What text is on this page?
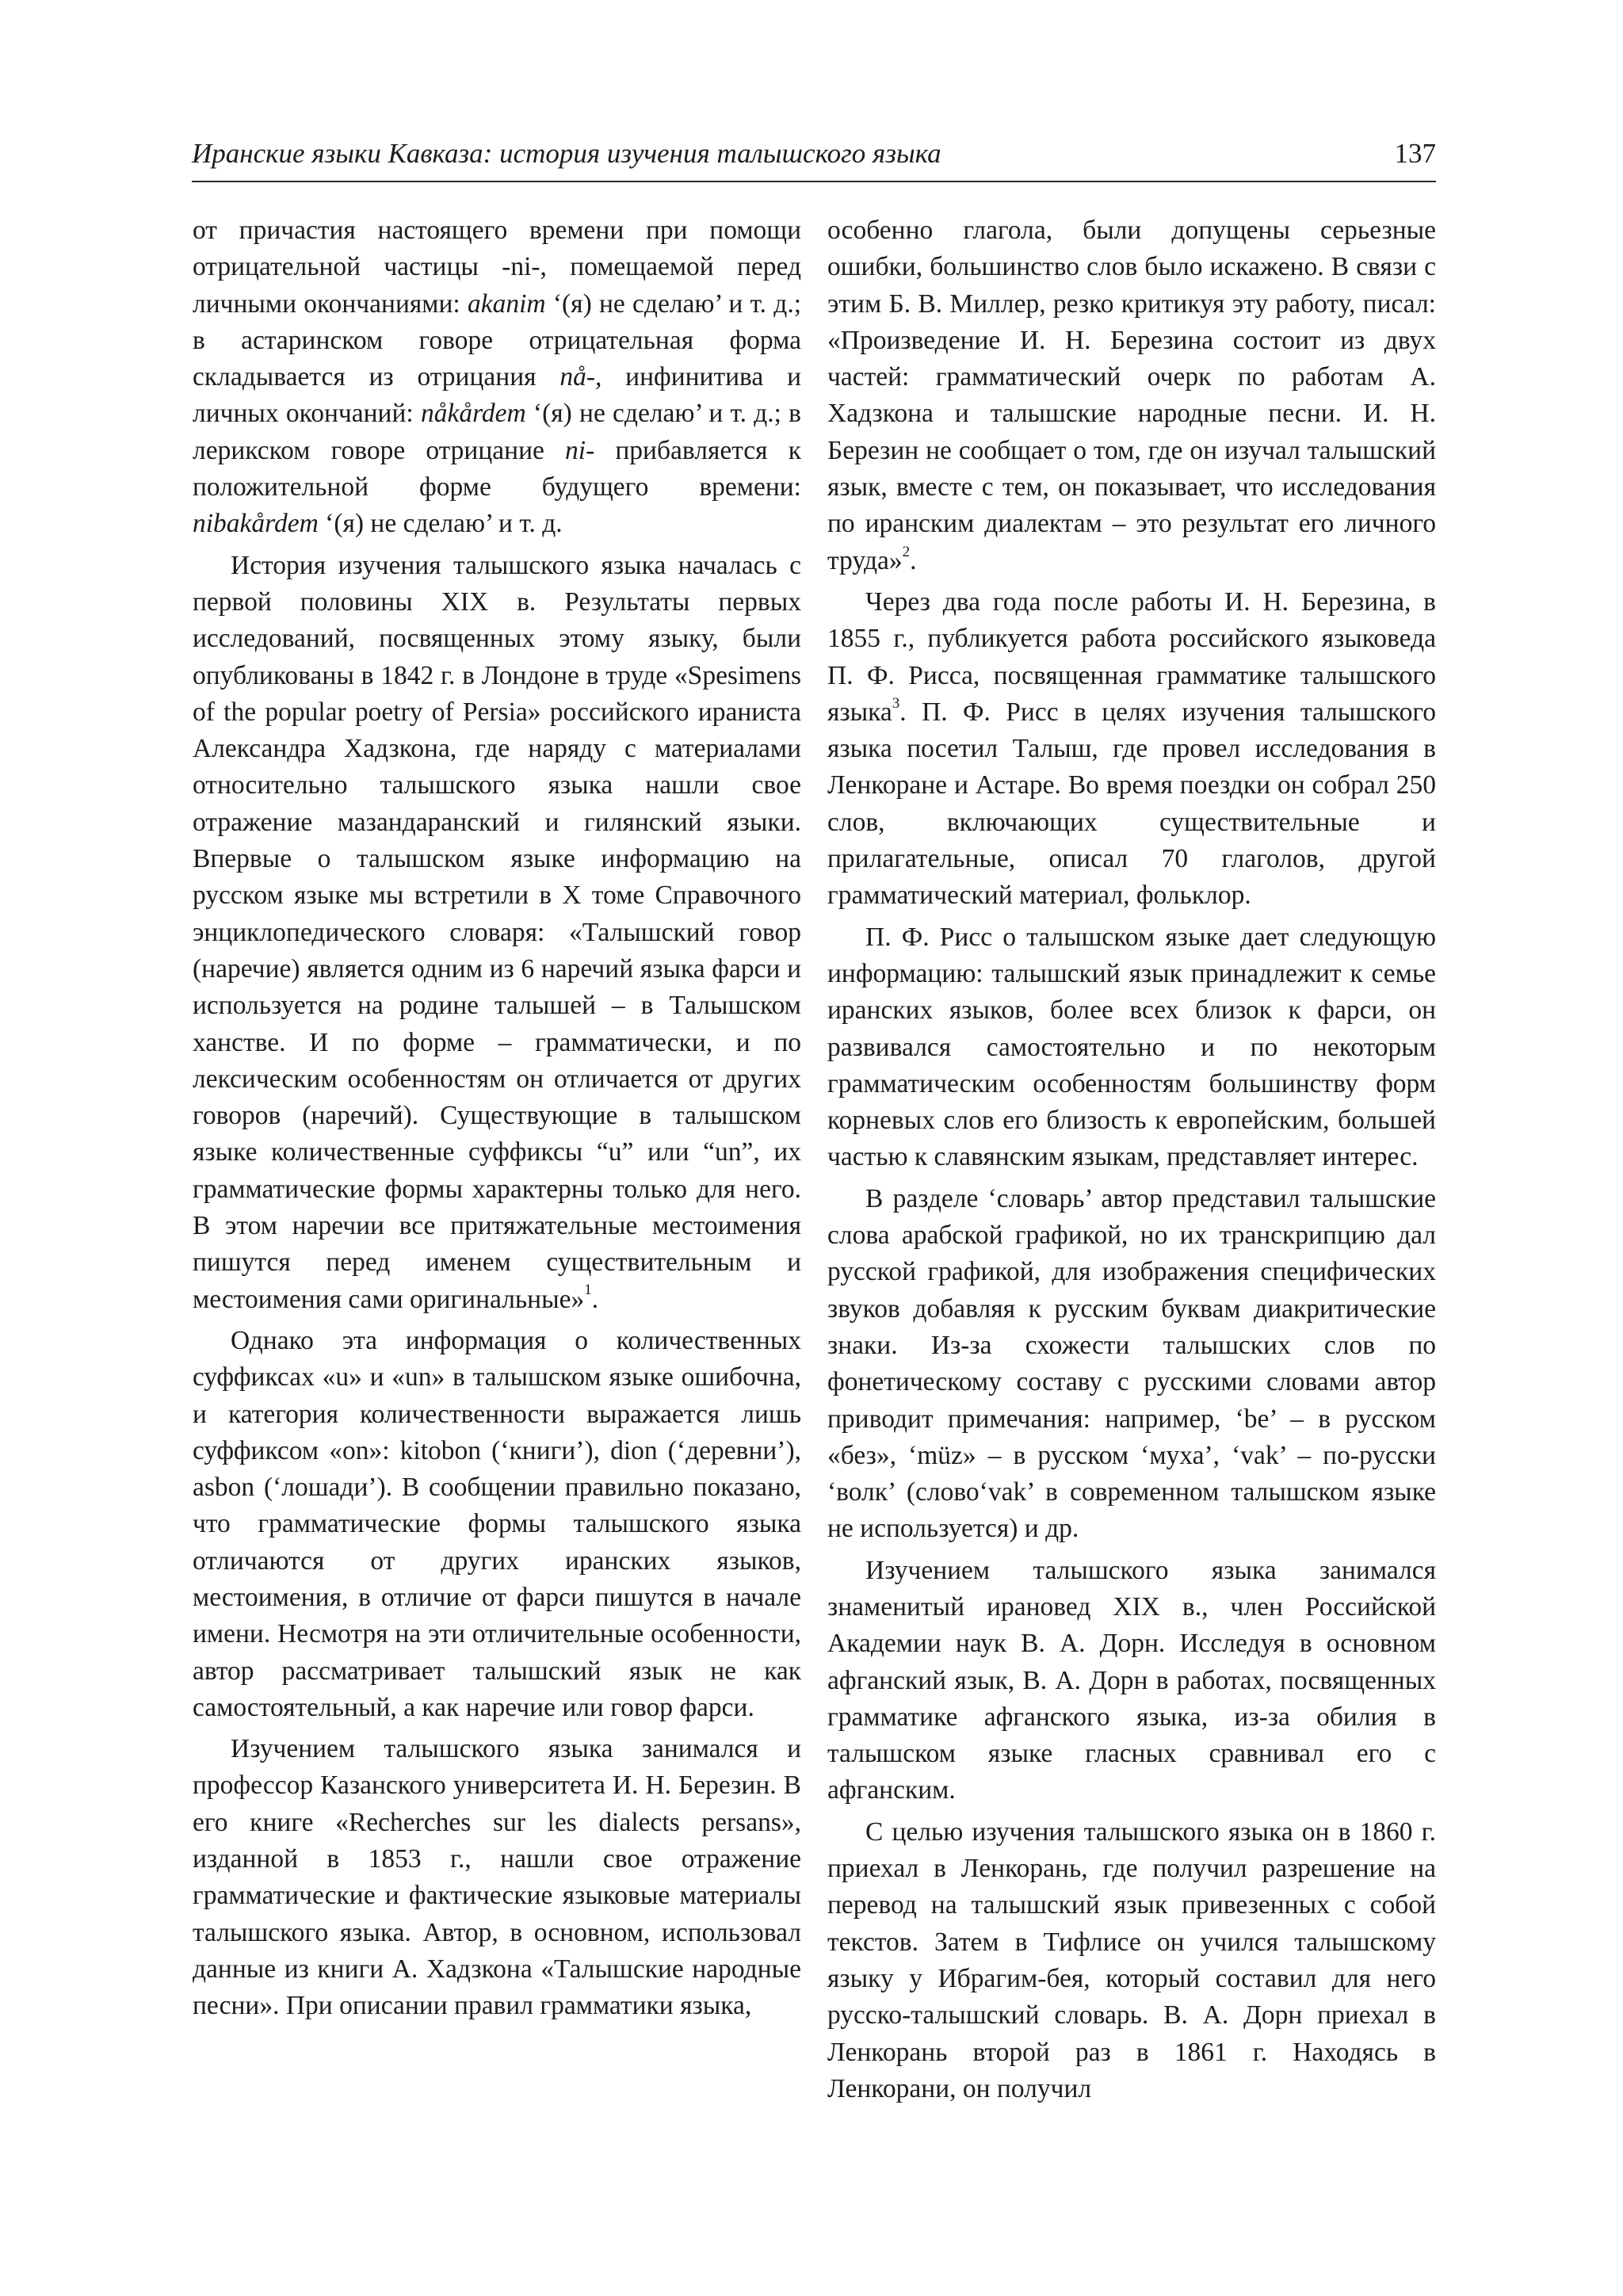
Иранские языки Кавказа: история изучения талышского языка	137

от причастия настоящего времени при помощи отрицательной частицы -ni-, помещаемой перед личными окончаниями: akanim ‘(я) не сделаю’ и т. д.; в астаринском говоре отрицательная форма складывается из отрицания nå-, инфинитива и личных окончаний: nåkårdem ‘(я) не сделаю’ и т. д.; в лерикском говоре отрицание ni- прибавляется к положительной форме будущего времени: nibakårdem ‘(я) не сделаю’ и т. д.

История изучения талышского языка началась с первой половины XIX в. Результаты первых исследований, посвященных этому языку, были опубликованы в 1842 г. в Лондоне в труде «Spesimens of the popular poetry of Persia» российского ираниста Александра Хадзкона, где наряду с материалами относительно талышского языка нашли свое отражение мазандаранский и гилянский языки. Впервые о талышском языке информацию на русском языке мы встретили в X томе Справочного энциклопедического словаря: «Талышский говор (наречие) является одним из 6 наречий языка фарси и используется на родине талышей – в Талышском ханстве. И по форме – грамматически, и по лексическим особенностям он отличается от других говоров (наречий). Существующие в талышском языке количественные суффиксы “u” или “un”, их грамматические формы характерны только для него. В этом наречии все притяжательные местоимения пишутся перед именем существительным и местоимения сами оригинальные»$^1$.

Однако эта информация о количественных суффиксах «u» и «un» в талышском языке ошибочна, и категория количественности выражается лишь суффиксом «on»: kitobon (‘книги’), dion (‘деревни’), asbon (‘лошади’). В сообщении правильно показано, что грамматические формы талышского языка отличаются от других иранских языков, местоимения, в отличие от фарси пишутся в начале имени. Несмотря на эти отличительные особенности, автор рассматривает талышский язык не как самостоятельный, а как наречие или говор фарси.

Изучением талышского языка занимался и профессор Казанского университета И. Н. Березин. В его книге «Recherches sur les dialects persans», изданной в 1853 г., нашли свое отражение грамматические и фактические языковые материалы талышского языка. Автор, в основном, использовал данные из книги А. Хадзкона «Талышские народные песни». При описании правил грамматики языка,

особенно глагола, были допущены серьезные ошибки, большинство слов было искажено. В связи с этим Б. В. Миллер, резко критикуя эту работу, писал: «Произведение И. Н. Березина состоит из двух частей: грамматический очерк по работам А. Хадзкона и талышские народные песни. И. Н. Березин не сообщает о том, где он изучал талышский язык, вместе с тем, он показывает, что исследования по иранским диалектам – это результат его личного труда»$^2$.

Через два года после работы И. Н. Березина, в 1855 г., публикуется работа российского языковеда П. Ф. Рисса, посвященная грамматике талышского языка$^3$. П. Ф. Рисс в целях изучения талышского языка посетил Талыш, где провел исследования в Ленкоране и Астаре. Во время поездки он собрал 250 слов, включающих существительные и прилагательные, описал 70 глаголов, другой грамматический материал, фольклор.

П. Ф. Рисс о талышском языке дает следующую информацию: талышский язык принадлежит к семье иранских языков, более всех близок к фарси, он развивался самостоятельно и по некоторым грамматическим особенностям большинству форм корневых слов его близость к европейским, большей частью к славянским языкам, представляет интерес.

В разделе ‘словарь’ автор представил талышские слова арабской графикой, но их транскрипцию дал русской графикой, для изображения специфических звуков добавляя к русским буквам диакритические знаки. Из-за схожести талышских слов по фонетическому составу с русскими словами автор приводит примечания: например, ‘be’ – в русском «без», ‘müz» – в русском ‘муха’, ‘vak’ – по-русски ‘волк’ (слово‘vak’ в современном талышском языке не используется) и др.

Изучением талышского языка занимался знаменитый ирановед XIX в., член Российской Академии наук В. А. Дорн. Исследуя в основном афганский язык, В. А. Дорн в работах, посвященных грамматике афганского языка, из-за обилия в талышском языке гласных сравнивал его с афганским.

С целью изучения талышского языка он в 1860 г. приехал в Ленкорань, где получил разрешение на перевод на талышский язык привезенных с собой текстов. Затем в Тифлисе он учился талышскому языку у Ибрагим-бея, который составил для него русско-талышский словарь. В. А. Дорн приехал в Ленкорань второй раз в 1861 г. Находясь в Ленкорани, он получил
